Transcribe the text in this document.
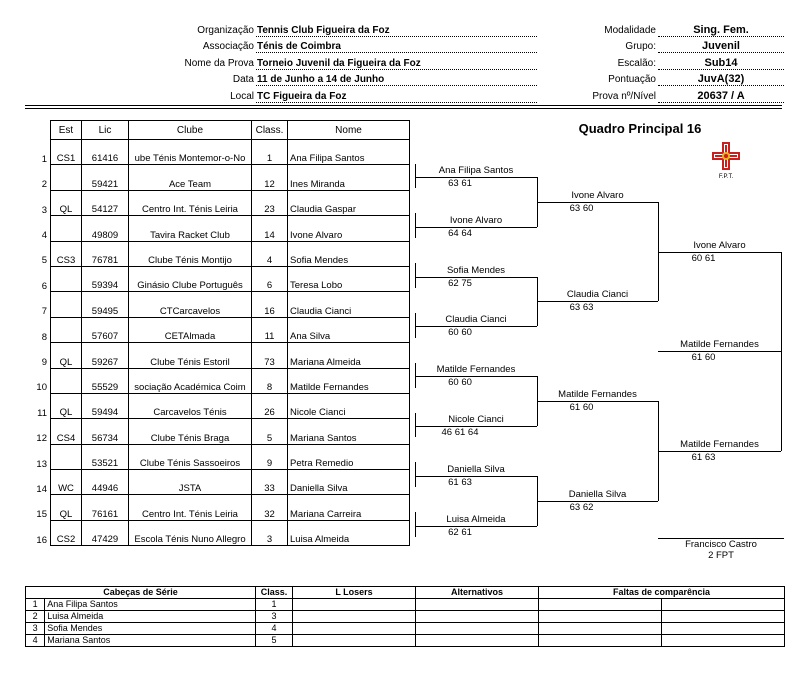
Organização Tennis Club Figueira da Foz
Associação Ténis de Coimbra
Nome da Prova Torneio Juvenil da Figueira da Foz
Data 11 de Junho a 14 de Junho
Local TC Figueira da Foz
Modalidade	Sing. Fem.
Grupo:	Juvenil
Escalão:	Sub14
Pontuação	JuvA(32)
Prova nº/Nível	20637 / A
Quadro Principal 16
F.P.T.
	Est	Lic	Clube	Class.	Nome

1	CS1	61416	ube Ténis Montemor-o-No	1	Ana Filipa Santos

2		59421	Ace Team	12	Ines Miranda

3	QL	54127	Centro Int. Ténis Leiria	23	Claudia Gaspar

4		49809	Tavira Racket Club	14	Ivone Alvaro

5	CS3	76781	Clube Ténis Montijo	4	Sofia Mendes

6		59394	Ginásio Clube Português	6	Teresa Lobo

7		59495	CTCarcavelos	16	Claudia Cianci

8		57607	CETAlmada	11	Ana Silva

9	QL	59267	Clube Ténis Estoril	73	Mariana Almeida

10		55529	sociação Académica Coim	8	Matilde Fernandes

11	QL	59494	Carcavelos Ténis	26	Nicole Cianci

12	CS4	56734	Clube Ténis Braga	5	Mariana Santos

13		53521	Clube Ténis Sassoeiros	9	Petra Remedio

14	WC	44946	JSTA	33	Daniella Silva

15	QL	76161	Centro Int. Ténis Leiria	32	Mariana Carreira

16	CS2	47429	Escola Ténis Nuno Allegro	3	Luisa Almeida
Ana Filipa Santos
63 61
Ivone Alvaro
64 64
Sofia Mendes
62 75
Claudia Cianci
60 60
Matilde Fernandes
60 60
Nicole Cianci
46 61 64
Daniella Silva
61 63
Luisa Almeida
62 61
Ivone Alvaro
63 60
Claudia Cianci
63 63
Matilde Fernandes
61 60
Daniella Silva
63 62
Ivone Alvaro
60 61
Matilde Fernandes
61 63
Matilde Fernandes
61 60
Francisco Castro
2 FPT
Cabeças de Série		Class.	L Losers	Alternativos	Faltas de comparência	
1	Ana Filipa Santos	1				
2	Luisa Almeida	3				
3	Sofia Mendes	4				
4	Mariana Santos	5				
